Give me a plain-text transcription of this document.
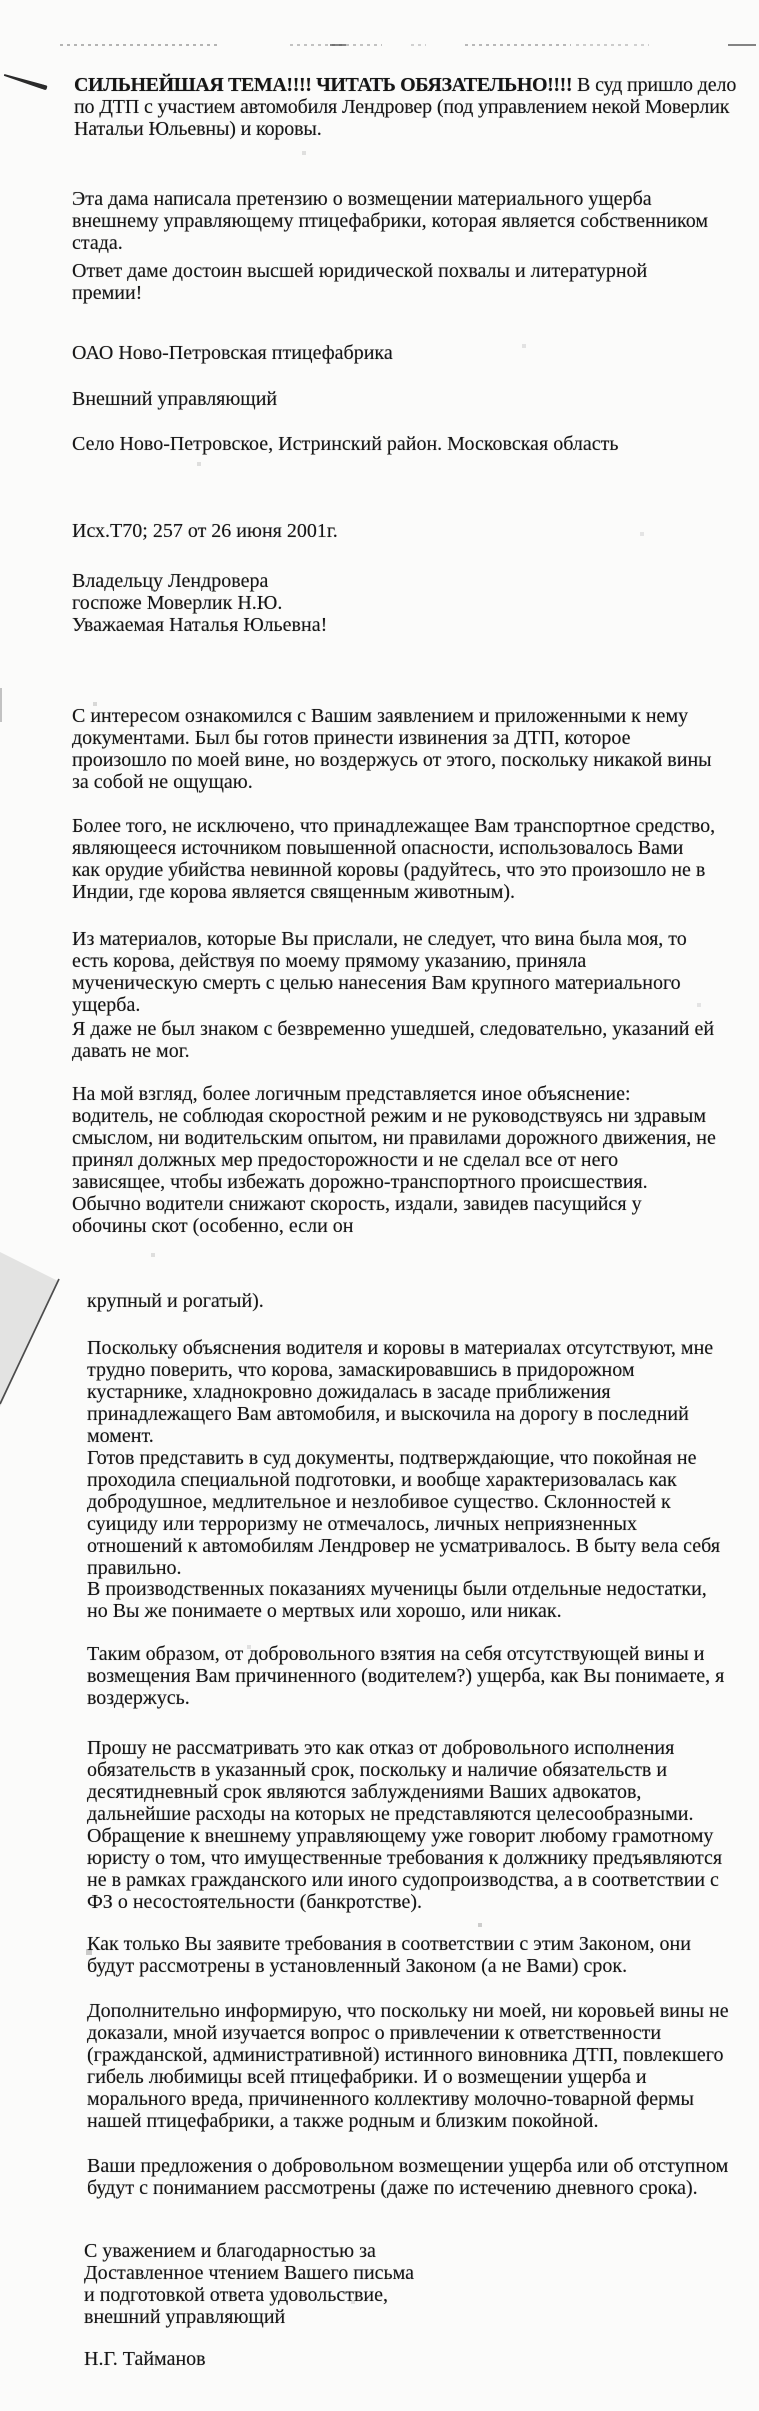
СИЛЬНЕЙШАЯ ТЕМА!!!! ЧИТАТЬ ОБЯЗАТЕЛЬНО!!!! В суд пришло дело по ДТП с участием автомобиля Лендровер (под управлением некой Моверлик Натальи Юльевны) и коровы.
Эта дама написала претензию о возмещении материального ущерба внешнему управляющему птицефабрики, которая является собственником стада.
Ответ даме достоин высшей юридической похвалы и литературной премии!
ОАО Ново-Петровская птицефабрика
Внешний управляющий
Село Ново-Петровское, Истринский район. Московская область
Исх.Т70; 257 от 26 июня 2001г.
Владельцу Лендровера
госпоже Моверлик Н.Ю.
Уважаемая Наталья Юльевна!
С интересом ознакомился с Вашим заявлением и приложенными к нему документами. Был бы готов принести извинения за ДТП, которое произошло по моей вине, но воздержусь от этого, поскольку никакой вины за собой не ощущаю.
Более того, не исключено, что принадлежащее Вам транспортное средство, являющееся источником повышенной опасности, использовалось Вами как орудие убийства невинной коровы (радуйтесь, что это произошло не в Индии, где корова является священным животным).
Из материалов, которые Вы прислали, не следует, что вина была моя, то есть корова, действуя по моему прямому указанию, приняла мученическую смерть с целью нанесения Вам крупного материального ущерба.
Я даже не был знаком с безвременно ушедшей, следовательно, указаний ей давать не мог.
На мой взгляд, более логичным представляется иное объяснение: водитель, не соблюдая скоростной режим и не руководствуясь ни здравым смыслом, ни водительским опытом, ни правилами дорожного движения, не принял должных мер предосторожности и не сделал все от него зависящее, чтобы избежать дорожно-транспортного происшествия. Обычно водители снижают скорость, издали, завидев пасущийся у обочины скот (особенно, если он
крупный и рогатый).
Поскольку объяснения водителя и коровы в материалах отсутствуют, мне трудно поверить, что корова, замаскировавшись в придорожном кустарнике, хладнокровно дожидалась в засаде приближения принадлежащего Вам автомобиля, и выскочила на дорогу в последний момент.
Готов представить в суд документы, подтверждающие, что покойная не проходила специальной подготовки, и вообще характеризовалась как добродушное, медлительное и незлобивое существо. Склонностей к суициду или терроризму не отмечалось, личных неприязненных отношений к автомобилям Лендровер не усматривалось. В быту вела себя правильно.
В производственных показаниях мученицы были отдельные недостатки, но Вы же понимаете о мертвых или хорошо, или никак.
Таким образом, от добровольного взятия на себя отсутствующей вины и возмещения Вам причиненного (водителем?) ущерба, как Вы понимаете, я воздержусь.
Прошу не рассматривать это как отказ от добровольного исполнения обязательств в указанный срок, поскольку и наличие обязательств и десятидневный срок являются заблуждениями Ваших адвокатов, дальнейшие расходы на которых не представляются целесообразными. Обращение к внешнему управляющему уже говорит любому грамотному юристу о том, что имущественные требования к должнику предъявляются не в рамках гражданского или иного судопроизводства, а в соответствии с ФЗ о несостоятельности (банкротстве).
Как только Вы заявите требования в соответствии с этим Законом, они будут рассмотрены в установленный Законом (а не Вами) срок.
Дополнительно информирую, что поскольку ни моей, ни коровьей вины не доказали, мной изучается вопрос о привлечении к ответственности (гражданской, административной) истинного виновника ДТП, повлекшего гибель любимицы всей птицефабрики. И о возмещении ущерба и морального вреда, причиненного коллективу молочно-товарной фермы нашей птицефабрики, а также родным и близким покойной.
Ваши предложения о добровольном возмещении ущерба или об отступном будут с пониманием рассмотрены (даже по истечению дневного срока).
С уважением и благодарностью за
Доставленное чтением Вашего письма
и подготовкой ответа удовольствие,
внешний управляющий
Н.Г. Тайманов
